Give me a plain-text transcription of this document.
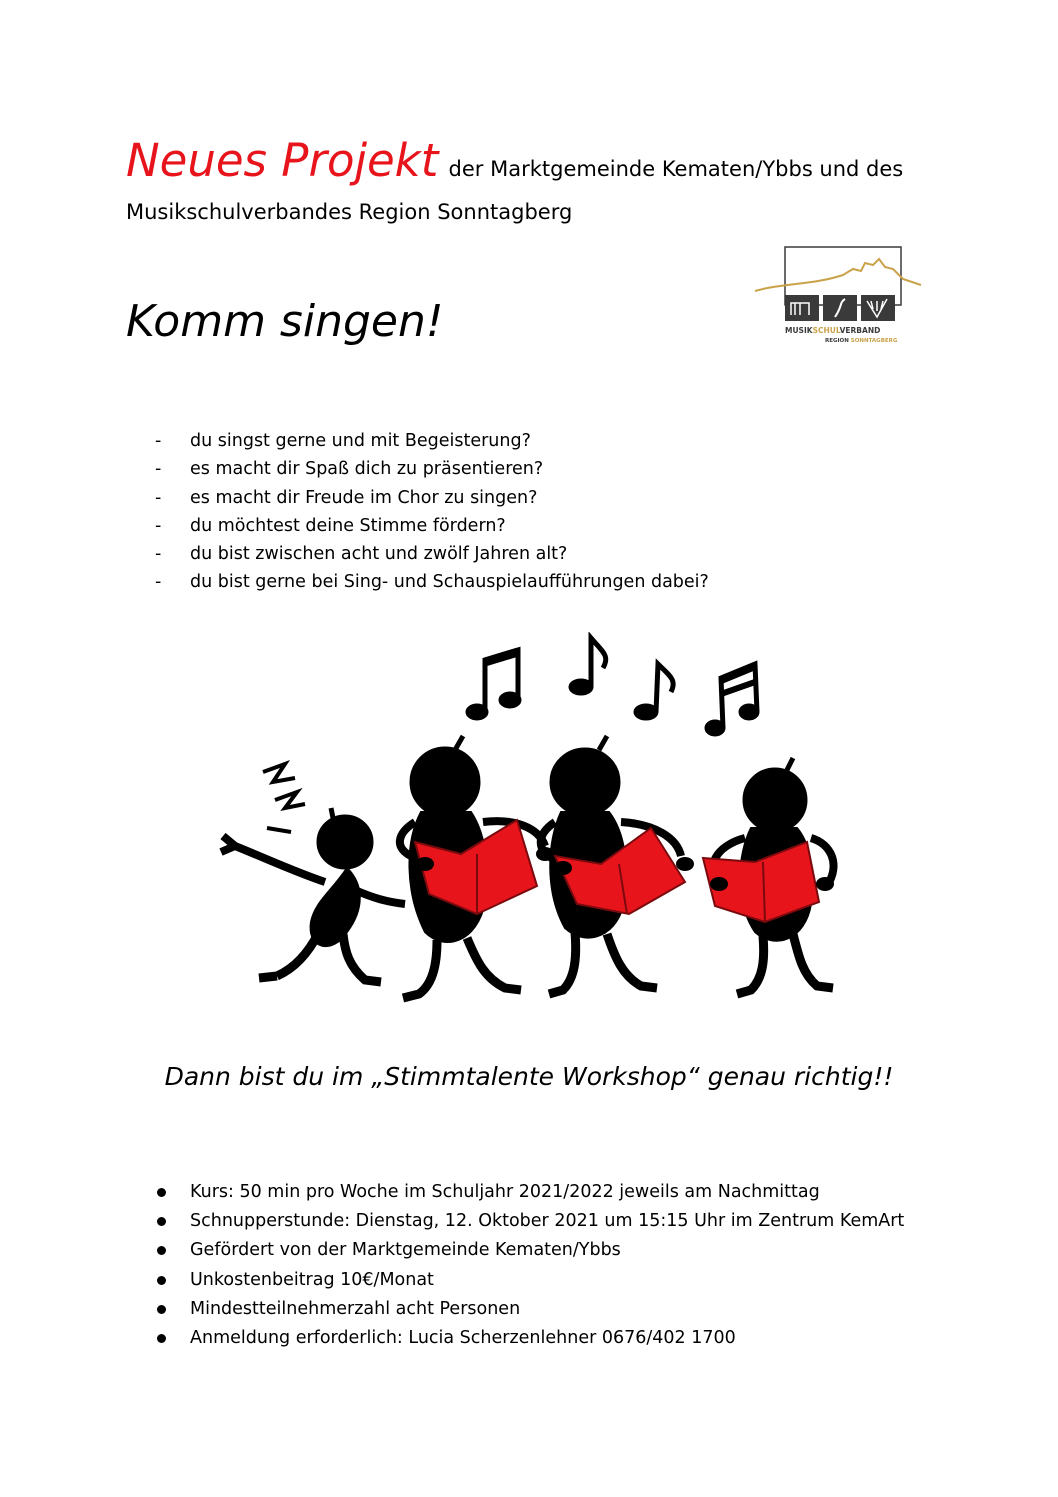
Neues Projekt der Marktgemeinde Kematen/Ybbs und des
Musikschulverbandes Region Sonntagberg
Komm singen!	MUSIKSCHULVERBAND
REGION SONNTAGBERG
- du singst gerne und mit Begeisterung?
- es macht dir Spaß dich zu präsentieren?
- es macht dir Freude im Chor zu singen?
- du möchtest deine Stimme fördern?
- du bist zwischen acht und zwölf Jahren alt?
- du bist gerne bei Sing- und Schauspielaufführungen dabei?

Dann bist du im „Stimmtalente Workshop“ genau richtig!!

Kurs: 50 min pro Woche im Schuljahr 2021/2022 jeweils am Nachmittag
Schnupperstunde: Dienstag, 12. Oktober 2021 um 15:15 Uhr im Zentrum KemArt
Gefördert von der Marktgemeinde Kematen/Ybbs
Unkostenbeitrag 10€/Monat
Mindestteilnehmerzahl acht Personen
Anmeldung erforderlich: Lucia Scherzenlehner 0676/402 1700
